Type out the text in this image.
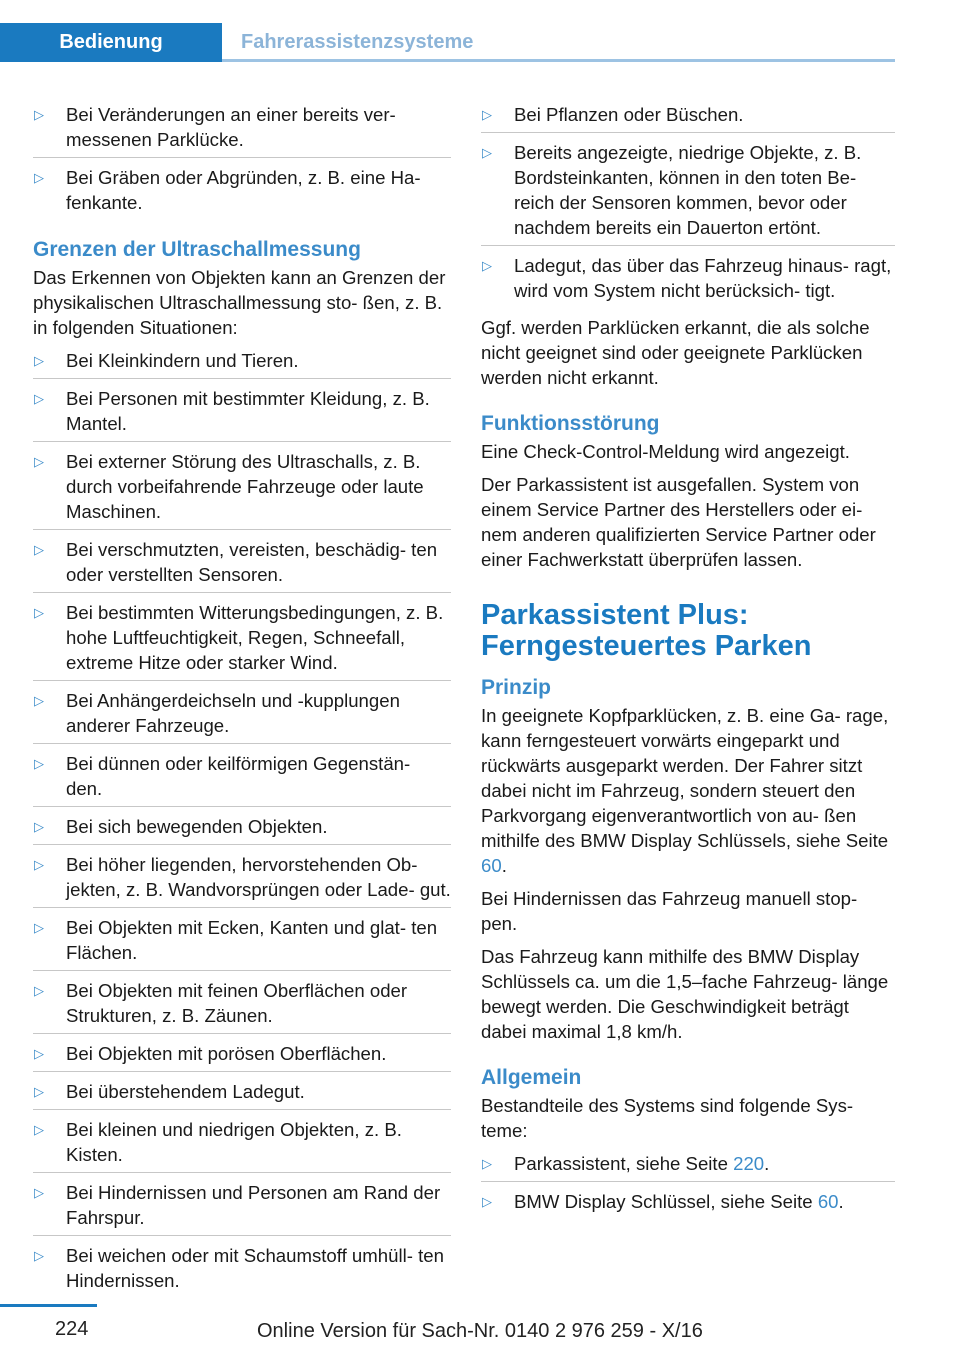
Bedienung	Fahrerassistenzsysteme
▷ Bei Veränderungen an einer bereits ver‐ messenen Parklücke.
▷ Bei Gräben oder Abgründen, z. B. eine Ha‐ fenkante.
Grenzen der Ultraschallmessung

Das Erkennen von Objekten kann an Grenzen der physikalischen Ultraschallmessung sto‐ ßen, z. B. in folgenden Situationen:

▷ Bei Kleinkindern und Tieren.
▷ Bei Personen mit bestimmter Kleidung, z. B. Mantel.
▷ Bei externer Störung des Ultraschalls, z. B. durch vorbeifahrende Fahrzeuge oder laute Maschinen.
▷ Bei verschmutzten, vereisten, beschädig‐ ten oder verstellten Sensoren.
▷ Bei bestimmten Witterungsbedingungen, z. B. hohe Luftfeuchtigkeit, Regen, Schneefall, extreme Hitze oder starker Wind.
▷ Bei Anhängerdeichseln und -kupplungen anderer Fahrzeuge.
▷ Bei dünnen oder keilförmigen Gegenstän‐ den.
▷ Bei sich bewegenden Objekten.
▷ Bei höher liegenden, hervorstehenden Ob‐ jekten, z. B. Wandvorsprüngen oder Lade‐ gut.
▷ Bei Objekten mit Ecken, Kanten und glat‐ ten Flächen.
▷ Bei Objekten mit feinen Oberflächen oder Strukturen, z. B. Zäunen.
▷ Bei Objekten mit porösen Oberflächen.
▷ Bei überstehendem Ladegut.
▷ Bei kleinen und niedrigen Objekten, z. B. Kisten.
▷ Bei Hindernissen und Personen am Rand der Fahrspur.
▷ Bei weichen oder mit Schaumstoff umhüll‐ ten Hindernissen.
▷ Bei Pflanzen oder Büschen.
▷ Bereits angezeigte, niedrige Objekte, z. B. Bordsteinkanten, können in den toten Be‐ reich der Sensoren kommen, bevor oder nachdem bereits ein Dauerton ertönt.
▷ Ladegut, das über das Fahrzeug hinaus‐ ragt, wird vom System nicht berücksich‐ tigt.

Ggf. werden Parklücken erkannt, die als solche nicht geeignet sind oder geeignete Parklücken werden nicht erkannt.

Funktionsstörung

Eine Check-Control-Meldung wird angezeigt.

Der Parkassistent ist ausgefallen. System von einem Service Partner des Herstellers oder ei‐ nem anderen qualifizierten Service Partner oder einer Fachwerkstatt überprüfen lassen.

Parkassistent Plus:
Ferngesteuertes Parken
Prinzip

In geeignete Kopfparklücken, z. B. eine Ga‐ rage, kann ferngesteuert vorwärts eingeparkt und rückwärts ausgeparkt werden. Der Fahrer sitzt dabei nicht im Fahrzeug, sondern steuert den Parkvorgang eigenverantwortlich von au‐ ßen mithilfe des BMW Display Schlüssels, siehe Seite 60.

Bei Hindernissen das Fahrzeug manuell stop‐ pen.

Das Fahrzeug kann mithilfe des BMW Display Schlüssels ca. um die 1,5–fache Fahrzeug‐ länge bewegt werden. Die Geschwindigkeit beträgt dabei maximal 1,8 km/h.

Allgemein

Bestandteile des Systems sind folgende Sys‐ teme:

▷ Parkassistent, siehe Seite 220.
▷ BMW Display Schlüssel, siehe Seite 60.
224	Online Version für Sach-Nr. 0140 2 976 259 - X/16
